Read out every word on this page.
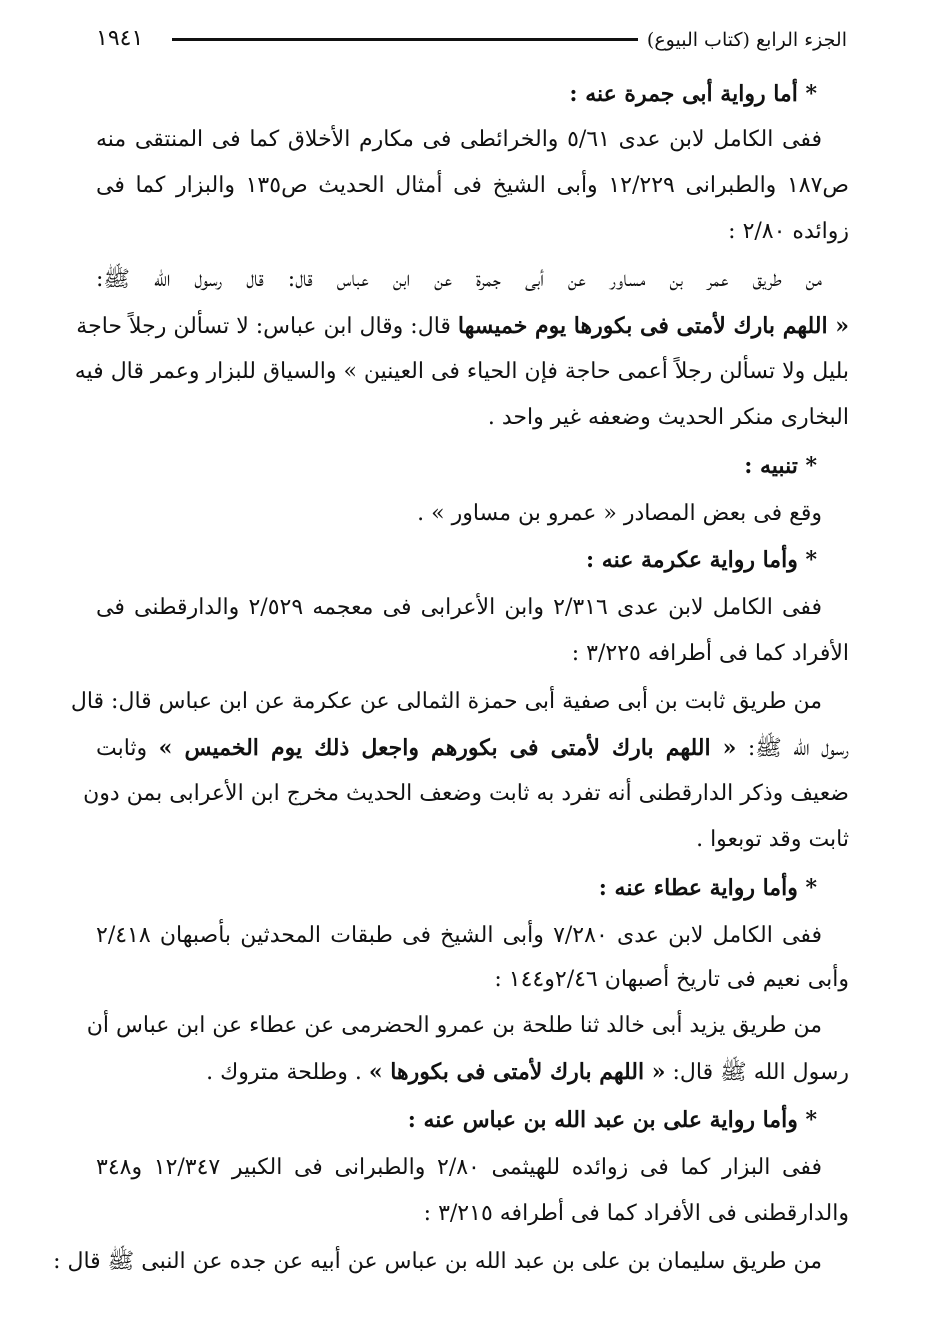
الجزء الرابع (كتاب البيوع)
١٩٤١
* أما رواية أبى جمرة عنه :
ففى الكامل لابن عدى ٥/٦١ والخرائطى فى مكارم الأخلاق كما فى المنتقى منه
ص١٨٧ والطبرانى ١٢/٢٢٩ وأبى الشيخ فى أمثال الحديث ص١٣٥ والبزار كما فى
زوائده ٢/٨٠ :
من طريق عمر بن مساور عن أبى جمرة عن ابن عباس قال: قال رسول الله ﷺ:
« اللهم بارك لأمتى فى بكورها يوم خميسها قال: وقال ابن عباس: لا تسألن رجلاً حاجة
بليل ولا تسألن رجلاً أعمى حاجة فإن الحياء فى العينين » والسياق للبزار وعمر قال فيه
البخارى منكر الحديث وضعفه غير واحد .
* تنبيه :
وقع فى بعض المصادر « عمرو بن مساور » .
* وأما رواية عكرمة عنه :
ففى الكامل لابن عدى ٢/٣١٦ وابن الأعرابى فى معجمه ٢/٥٢٩ والدارقطنى فى
الأفراد كما فى أطرافه ٣/٢٢٥ :
من طريق ثابت بن أبى صفية أبى حمزة الثمالى عن عكرمة عن ابن عباس قال: قال
رسول الله ﷺ: « اللهم بارك لأمتى فى بكورهم واجعل ذلك يوم الخميس » وثابت
ضعيف وذكر الدارقطنى أنه تفرد به ثابت وضعف الحديث مخرج ابن الأعرابى بمن دون
ثابت وقد توبعوا .
* وأما رواية عطاء عنه :
ففى الكامل لابن عدى ٧/٢٨٠ وأبى الشيخ فى طبقات المحدثين بأصبهان ٢/٤١٨
وأبى نعيم فى تاريخ أصبهان ٢/٤٦و١٤٤ :
من طريق يزيد أبى خالد ثنا طلحة بن عمرو الحضرمى عن عطاء عن ابن عباس أن
رسول الله ﷺ قال: « اللهم بارك لأمتى فى بكورها » . وطلحة متروك .
* وأما رواية على بن عبد الله بن عباس عنه :
ففى البزار كما فى زوائده للهيثمى ٢/٨٠ والطبرانى فى الكبير ١٢/٣٤٧ و٣٤٨
والدارقطنى فى الأفراد كما فى أطرافه ٣/٢١٥ :
من طريق سليمان بن على بن عبد الله بن عباس عن أبيه عن جده عن النبى ﷺ قال :
